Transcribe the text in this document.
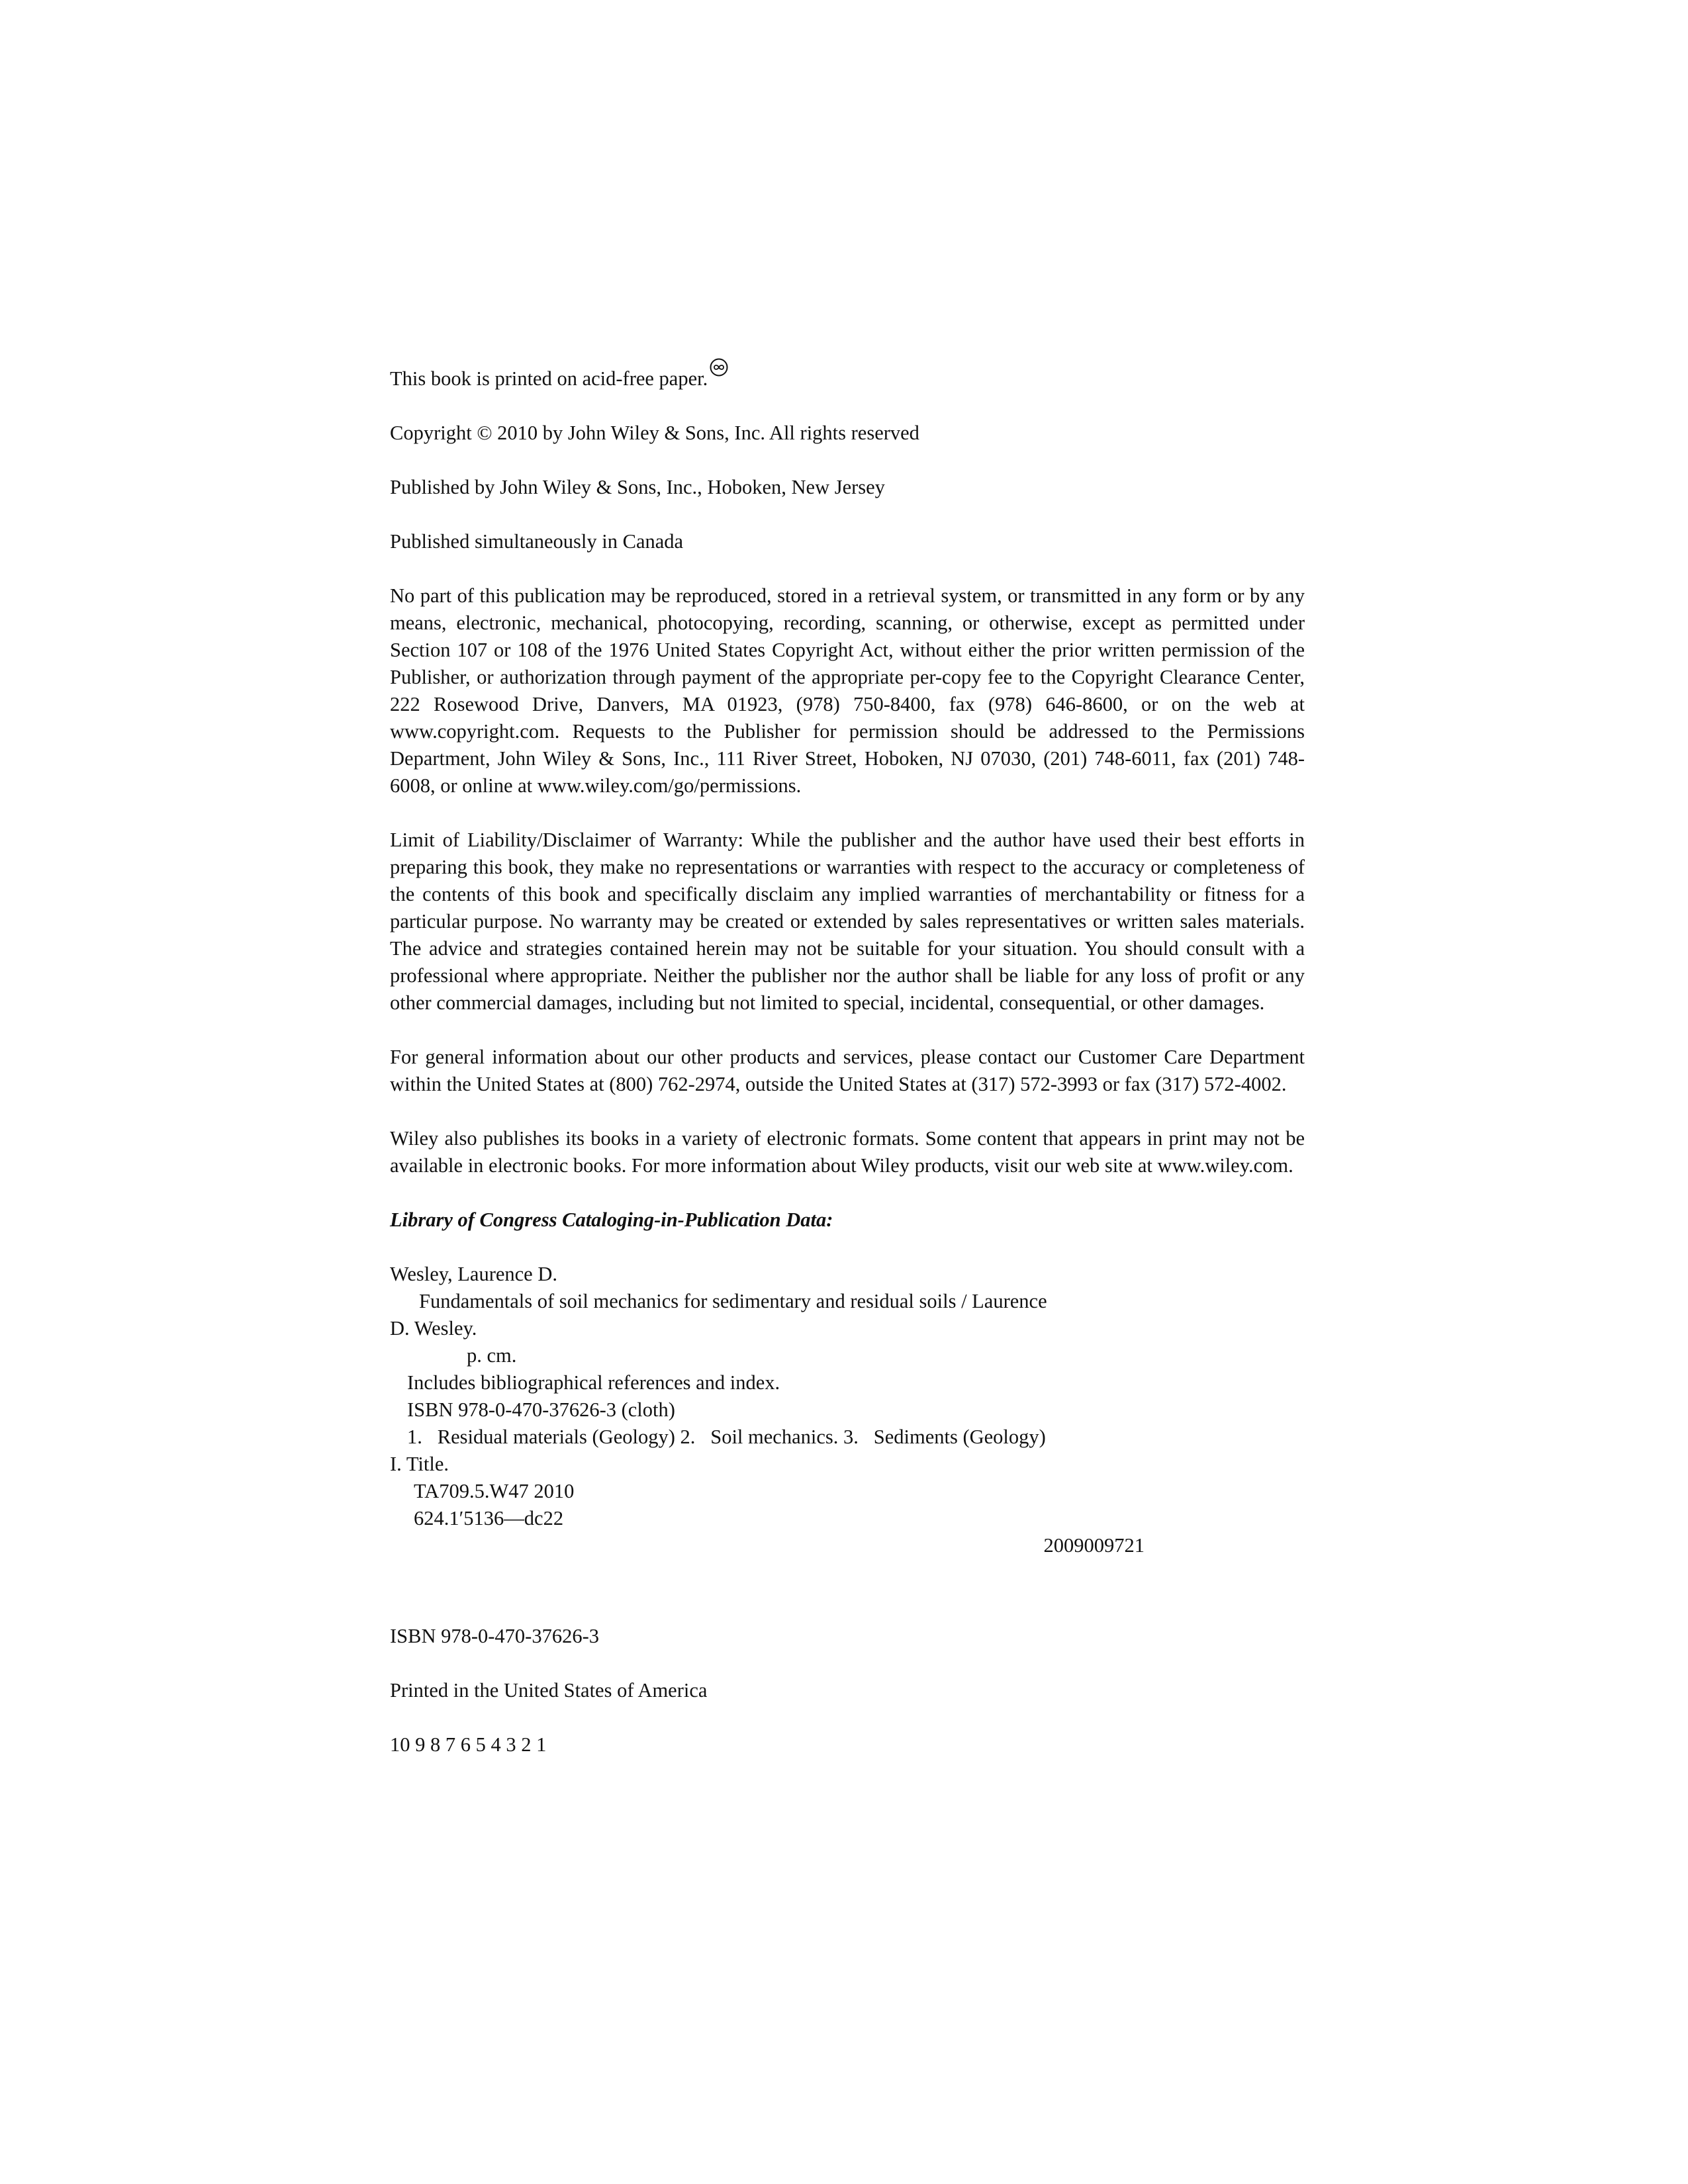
This book is printed on acid-free paper.

Copyright © 2010 by John Wiley & Sons, Inc. All rights reserved

Published by John Wiley & Sons, Inc., Hoboken, New Jersey

Published simultaneously in Canada

No part of this publication may be reproduced, stored in a retrieval system, or transmitted in any form or by any means, electronic, mechanical, photocopying, recording, scanning, or otherwise, except as permitted under Section 107 or 108 of the 1976 United States Copyright Act, without either the prior written permission of the Publisher, or authorization through payment of the appropriate per-copy fee to the Copyright Clearance Center, 222 Rosewood Drive, Danvers, MA 01923, (978) 750-8400, fax (978) 646-8600, or on the web at www.copyright.com. Requests to the Publisher for permission should be addressed to the Permissions Department, John Wiley & Sons, Inc., 111 River Street, Hoboken, NJ 07030, (201) 748-6011, fax (201) 748-6008, or online at www.wiley.com/go/permissions.

Limit of Liability/Disclaimer of Warranty: While the publisher and the author have used their best efforts in preparing this book, they make no representations or warranties with respect to the accuracy or completeness of the contents of this book and specifically disclaim any implied warranties of merchantability or fitness for a particular purpose. No warranty may be created or extended by sales representatives or written sales materials. The advice and strategies contained herein may not be suitable for your situation. You should consult with a professional where appropriate. Neither the publisher nor the author shall be liable for any loss of profit or any other commercial damages, including but not limited to special, incidental, consequential, or other damages.

For general information about our other products and services, please contact our Customer Care Department within the United States at (800) 762-2974, outside the United States at (317) 572-3993 or fax (317) 572-4002.

Wiley also publishes its books in a variety of electronic formats. Some content that appears in print may not be available in electronic books. For more information about Wiley products, visit our web site at www.wiley.com.

Library of Congress Cataloging-in-Publication Data:

Wesley, Laurence D.

Fundamentals of soil mechanics for sedimentary and residual soils / Laurence

D. Wesley.

p. cm.

Includes bibliographical references and index.

ISBN 978-0-470-37626-3 (cloth)

1.   Residual materials (Geology) 2.   Soil mechanics. 3.   Sediments (Geology)

I. Title.

TA709.5.W47 2010

624.1′5136—dc22

2009009721

ISBN 978-0-470-37626-3

Printed in the United States of America

10 9 8 7 6 5 4 3 2 1
